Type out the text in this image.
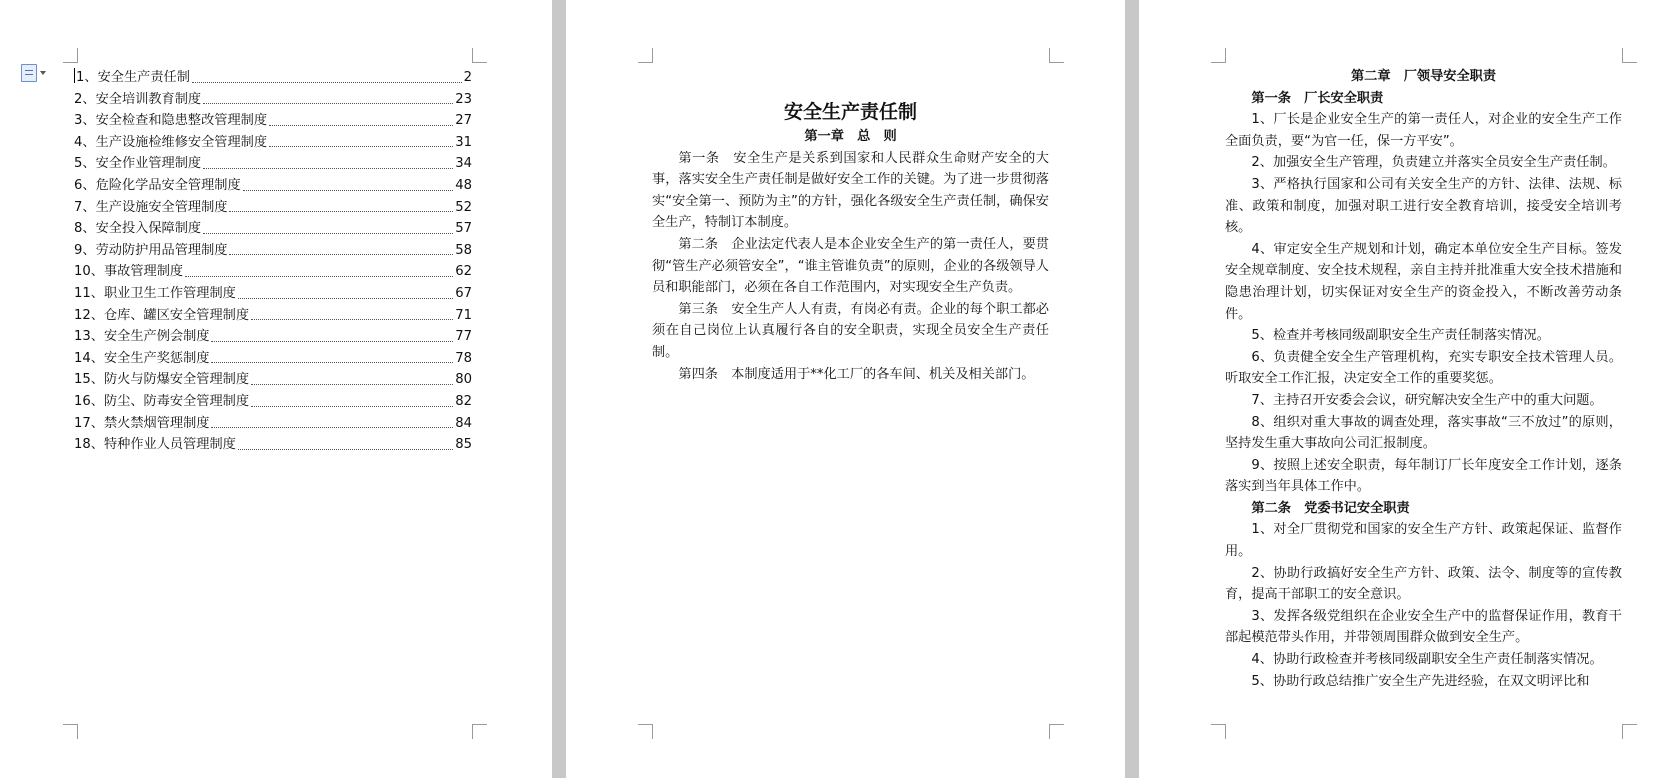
1、安全生产责任制	2
2、安全培训教育制度	23
3、安全检查和隐患整改管理制度	27
4、生产设施检维修安全管理制度	31
5、安全作业管理制度	34
6、危险化学品安全管理制度	48
7、生产设施安全管理制度	52
8、安全投入保障制度	57
9、劳动防护用品管理制度	58
10、事故管理制度	62
11、职业卫生工作管理制度	67
12、仓库、罐区安全管理制度	71
13、安全生产例会制度	77
14、安全生产奖惩制度	78
15、防火与防爆安全管理制度	80
16、防尘、防毒安全管理制度	82
17、禁火禁烟管理制度	84
18、特种作业人员管理制度	85

安全生产责任制

第一章　总　则

第一条　安全生产是关系到国家和人民群众生命财产安全的大事，落实安全生产责任制是做好安全工作的关键。为了进一步贯彻落实“安全第一、预防为主”的方针，强化各级安全生产责任制，确保安全生产，特制订本制度。

第二条　企业法定代表人是本企业安全生产的第一责任人，要贯彻“管生产必须管安全”，“谁主管谁负责”的原则，企业的各级领导人员和职能部门，必须在各自工作范围内，对实现安全生产负责。

第三条　安全生产人人有责，有岗必有责。企业的每个职工都必须在自己岗位上认真履行各自的安全职责，实现全员安全生产责任制。

第四条　本制度适用于**化工厂的各车间、机关及相关部门。

第二章　厂领导安全职责

第一条　厂长安全职责

1、厂长是企业安全生产的第一责任人，对企业的安全生产工作全面负责，要“为官一任，保一方平安”。

2、加强安全生产管理，负责建立并落实全员安全生产责任制。

3、严格执行国家和公司有关安全生产的方针、法律、法规、标准、政策和制度，加强对职工进行安全教育培训，接受安全培训考核。

4、审定安全生产规划和计划，确定本单位安全生产目标。签发安全规章制度、安全技术规程，亲自主持并批准重大安全技术措施和隐患治理计划，切实保证对安全生产的资金投入，不断改善劳动条件。

5、检查并考核同级副职安全生产责任制落实情况。

6、负责健全安全生产管理机构，充实专职安全技术管理人员。听取安全工作汇报，决定安全工作的重要奖惩。

7、主持召开安委会会议，研究解决安全生产中的重大问题。

8、组织对重大事故的调查处理，落实事故“三不放过”的原则，坚持发生重大事故向公司汇报制度。

9、按照上述安全职责，每年制订厂长年度安全工作计划，逐条落实到当年具体工作中。

第二条　党委书记安全职责

1、对全厂贯彻党和国家的安全生产方针、政策起保证、监督作用。

2、协助行政搞好安全生产方针、政策、法令、制度等的宣传教育，提高干部职工的安全意识。

3、发挥各级党组织在企业安全生产中的监督保证作用，教育干部起模范带头作用，并带领周围群众做到安全生产。

4、协助行政检查并考核同级副职安全生产责任制落实情况。

5、协助行政总结推广安全生产先进经验，在双文明评比和
